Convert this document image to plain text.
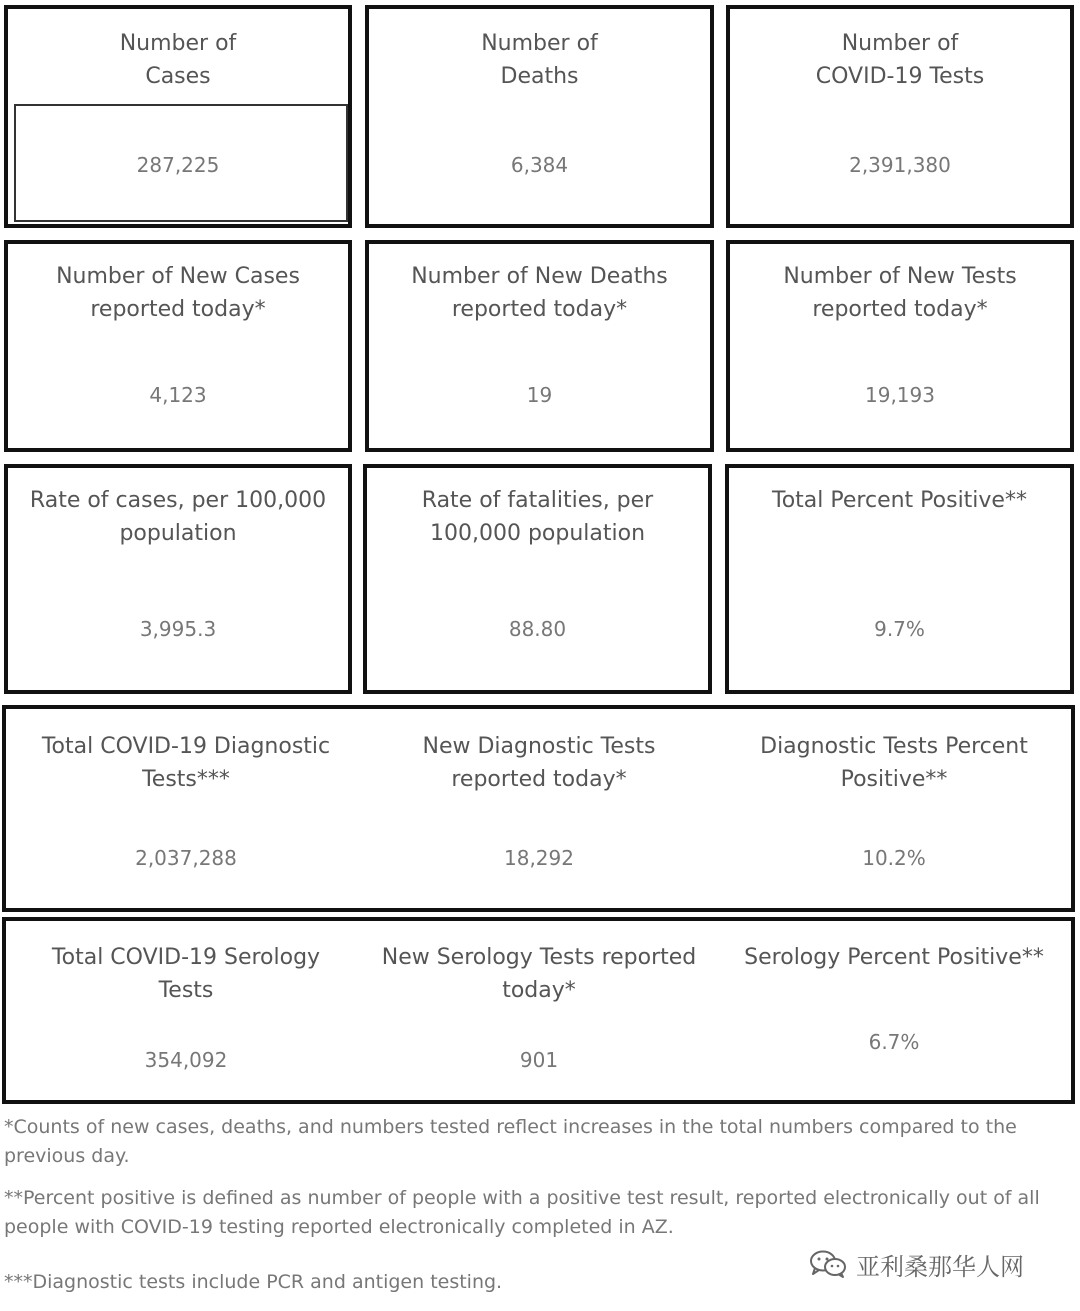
Number of
Cases
287,225
Number of
Deaths
6,384
Number of
COVID-19 Tests
2,391,380
Number of New Cases
reported today*
4,123
Number of New Deaths
reported today*
19
Number of New Tests
reported today*
19,193
Rate of cases, per 100,000
population
3,995.3
Rate of fatalities, per
100,000 population
88.80
Total Percent Positive**
9.7%
Total COVID-19 Diagnostic
Tests***
2,037,288
New Diagnostic Tests
reported today*
18,292
Diagnostic Tests Percent
Positive**
10.2%
Total COVID-19 Serology
Tests
354,092
New Serology Tests reported
today*
901
Serology Percent Positive**
6.7%
*Counts of new cases, deaths, and numbers tested reflect increases in the total numbers compared to the previous day.
**Percent positive is defined as number of people with a positive test result, reported electronically out of all people with COVID-19 testing reported electronically completed in AZ.
***Diagnostic tests include PCR and antigen testing.
亚利桑那华人网
